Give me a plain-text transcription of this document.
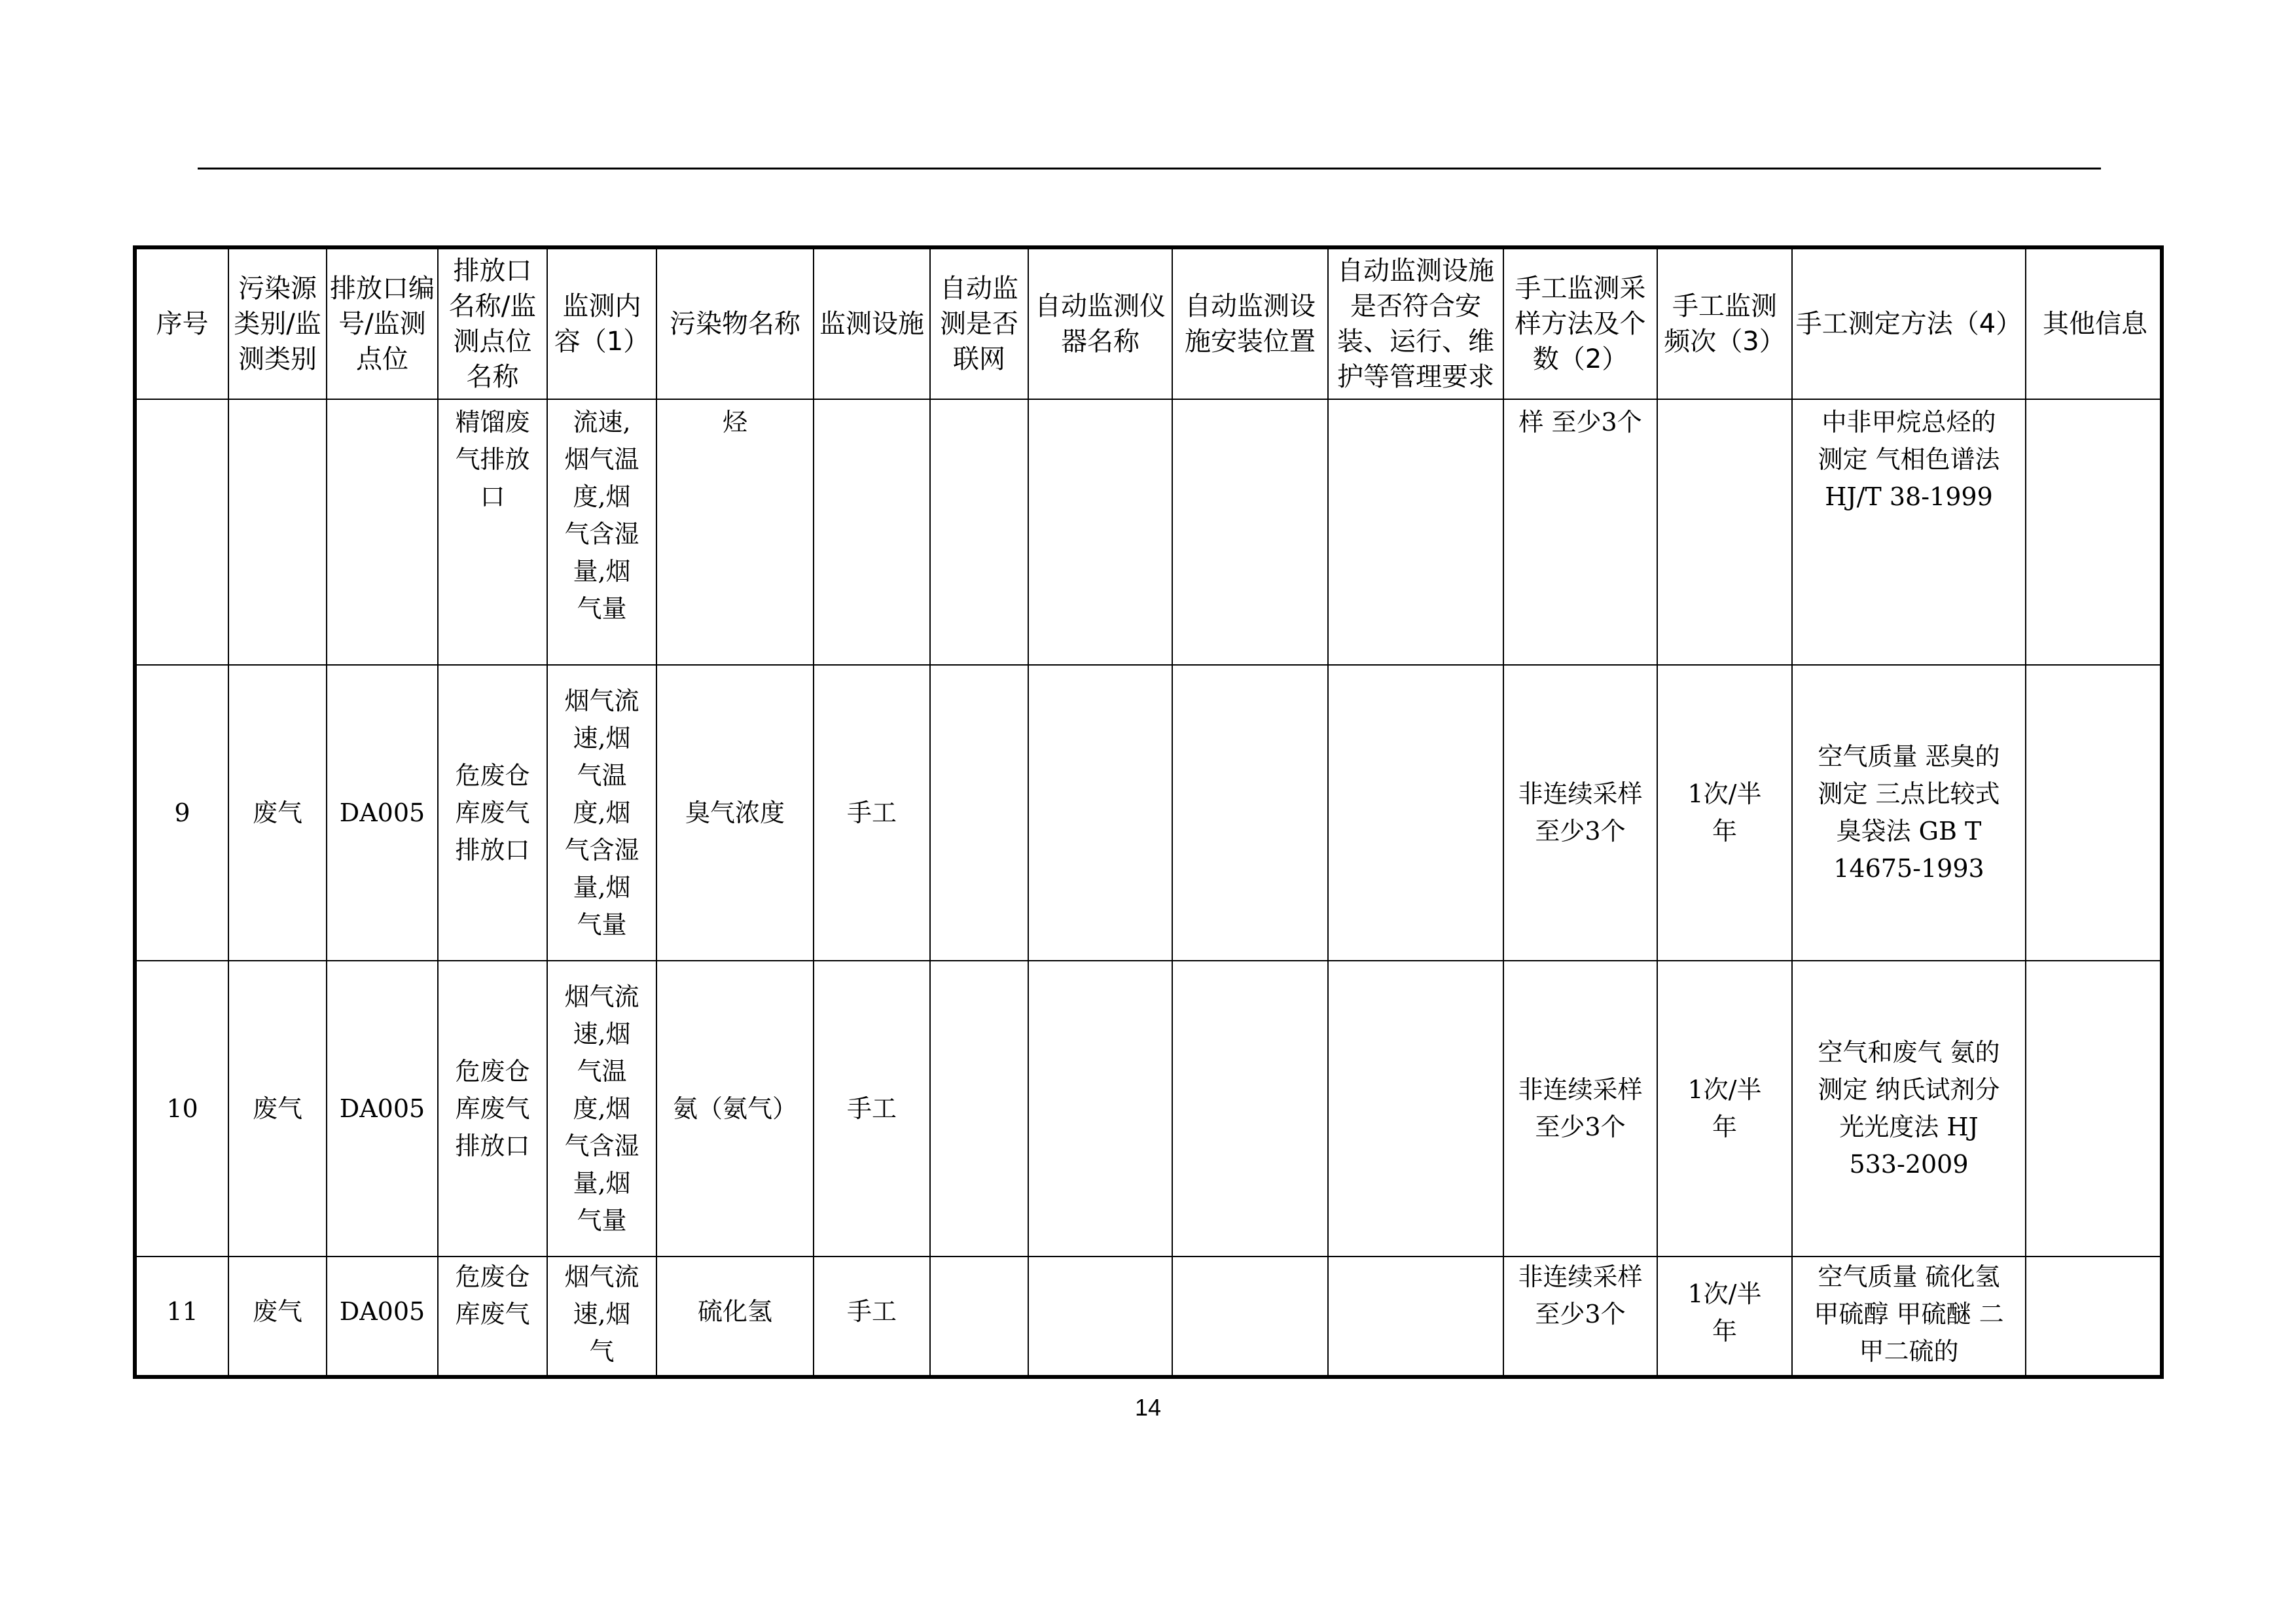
序号	污染源类别/监测类别	排放口编号/监测点位	排放口名称/监测点位名称	监测内容（1）	污染物名称	监测设施	自动监测是否联网	自动监测仪器名称	自动监测设施安装位置	自动监测设施是否符合安装、运行、维护等管理要求	手工监测采样方法及个数（2）	手工监测频次（3）	手工测定方法（4）	其他信息

			精馏废气排放口	流速,烟气温度,烟气含湿量,烟气量	烃						样 至少3个		中非甲烷总烃的测定 气相色谱法HJ/T 38-1999	

9	废气	DA005	危废仓库废气排放口	烟气流速,烟气温度,烟气含湿量,烟气量	臭气浓度	手工					非连续采样 至少3个	1次/半年	空气质量 恶臭的测定 三点比较式臭袋法 GB T 14675-1993	

10	废气	DA005	危废仓库废气排放口	烟气流速,烟气温度,烟气含湿量,烟气量	氨（氨气）	手工					非连续采样 至少3个	1次/半年	空气和废气 氨的测定 纳氏试剂分光光度法 HJ 533-2009	

11	废气	DA005	危废仓库废气	烟气流速,烟气	硫化氢	手工					非连续采样 至少3个	1次/半年	空气质量 硫化氢 甲硫醇 甲硫醚 二甲二硫的	

14
